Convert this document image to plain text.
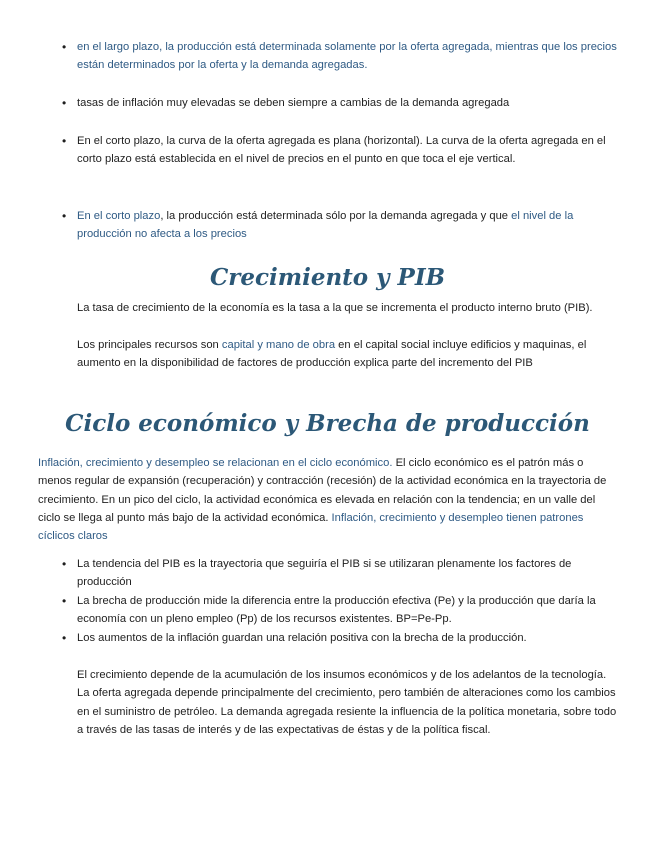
• en el largo plazo, la producción está determinada solamente por la oferta agregada, mientras que los precios están determinados por la oferta y la demanda agregadas.
• tasas de inflación muy elevadas se deben siempre a cambias de la demanda agregada
• En el corto plazo, la curva de la oferta agregada es plana (horizontal). La curva de la oferta agregada en el corto plazo está establecida en el nivel de precios en el punto en que toca el eje vertical.
• En el corto plazo, la producción está determinada sólo por la demanda agregada y que el nivel de la producción no afecta a los precios
Crecimiento y PIB
La tasa de crecimiento de la economía es la tasa a la que se incrementa el producto interno bruto (PIB).
Los principales recursos son capital y mano de obra en el capital social incluye edificios y maquinas, el aumento en la disponibilidad de factores de producción explica parte del incremento del PIB
Ciclo económico y Brecha de producción
Inflación, crecimiento y desempleo se relacionan en el ciclo económico. El ciclo económico es el patrón más o menos regular de expansión (recuperación) y contracción (recesión) de la actividad económica en la trayectoria de crecimiento. En un pico del ciclo, la actividad económica es elevada en relación con la tendencia; en un valle del ciclo se llega al punto más bajo de la actividad económica. Inflación, crecimiento y desempleo tienen patrones cíclicos claros
• La tendencia del PIB es la trayectoria que seguiría el PIB si se utilizaran plenamente los factores de producción
• La brecha de producción mide la diferencia entre la producción efectiva (Pe) y la producción que daría la economía con un pleno empleo (Pp) de los recursos existentes. BP=Pe-Pp.
• Los aumentos de la inflación guardan una relación positiva con la brecha de la producción.
El crecimiento depende de la acumulación de los insumos económicos y de los adelantos de la tecnología. La oferta agregada depende principalmente del crecimiento, pero también de alteraciones como los cambios en el suministro de petróleo. La demanda agregada resiente la influencia de la política monetaria, sobre todo a través de las tasas de interés y de las expectativas de éstas y de la política fiscal.
